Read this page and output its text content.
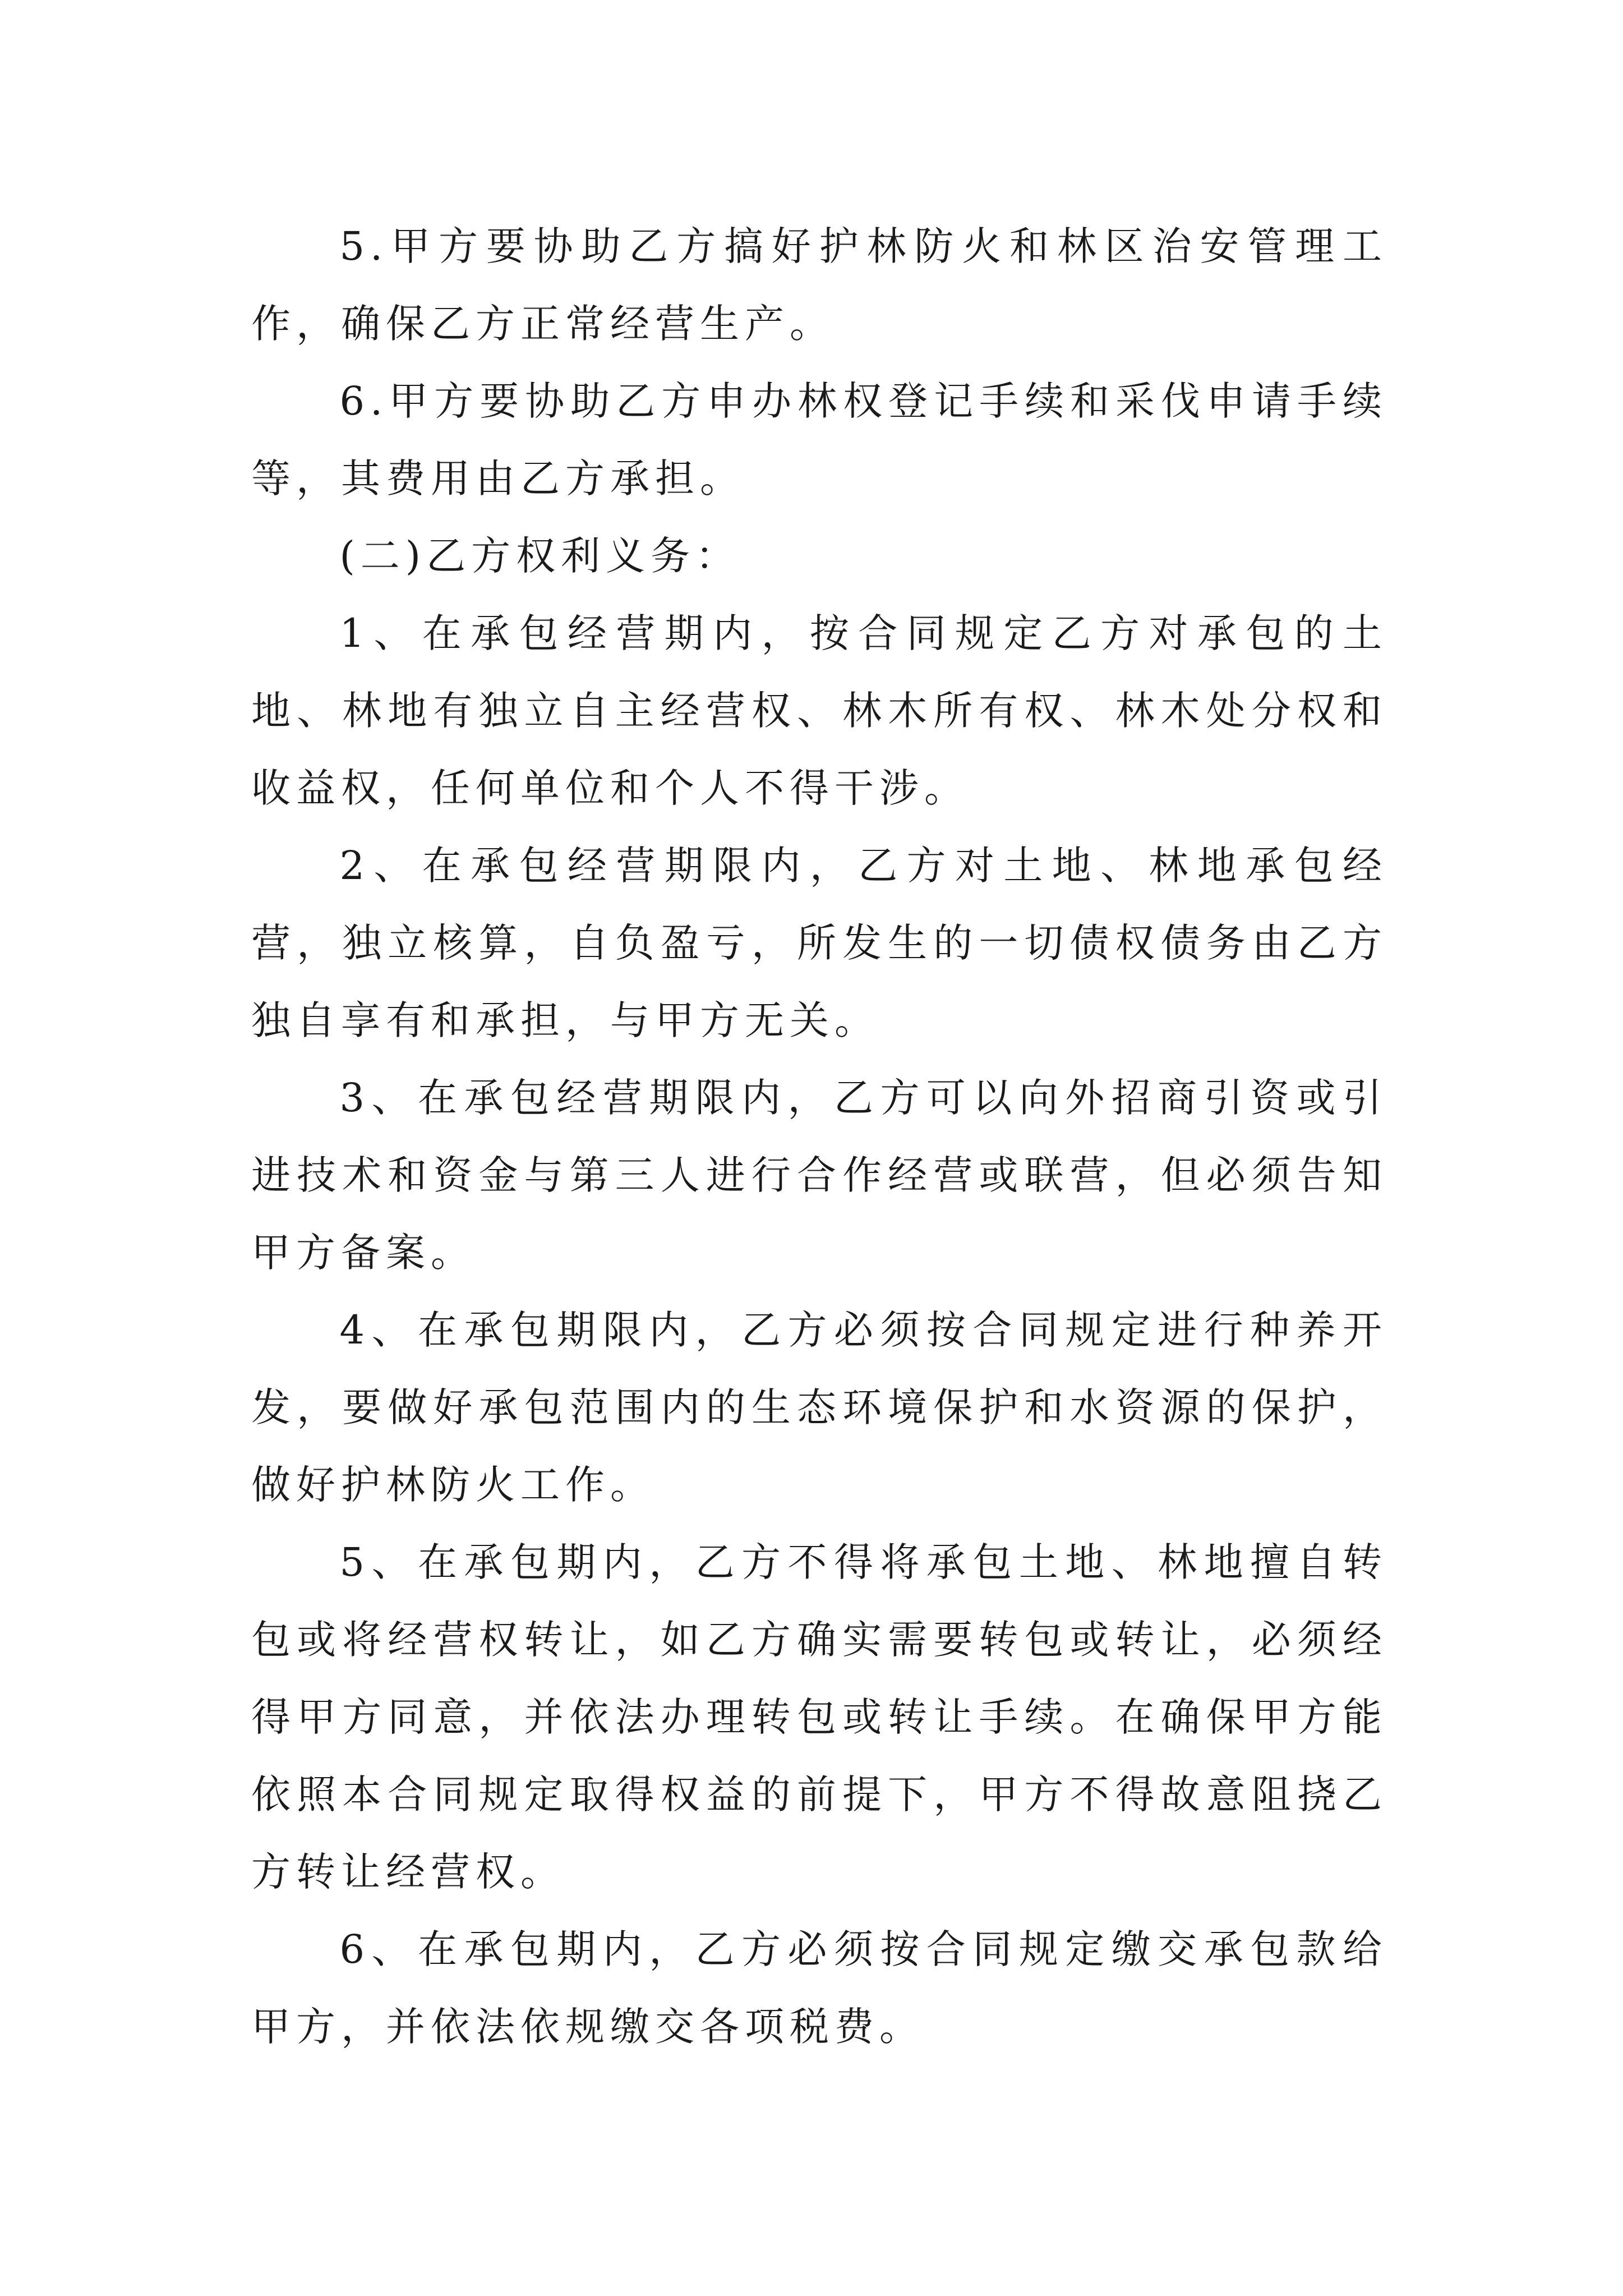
5.甲方要协助乙方搞好护林防火和林区治安管理工作，确保乙方正常经营生产。

6.甲方要协助乙方申办林权登记手续和采伐申请手续等，其费用由乙方承担。

(二)乙方权利义务：

1、在承包经营期内，按合同规定乙方对承包的土地、林地有独立自主经营权、林木所有权、林木处分权和收益权，任何单位和个人不得干涉。

2、在承包经营期限内，乙方对土地、林地承包经营，独立核算，自负盈亏，所发生的一切债权债务由乙方独自享有和承担，与甲方无关。

3、在承包经营期限内，乙方可以向外招商引资或引进技术和资金与第三人进行合作经营或联营，但必须告知甲方备案。

4、在承包期限内，乙方必须按合同规定进行种养开发，要做好承包范围内的生态环境保护和水资源的保护，做好护林防火工作。

5、在承包期内，乙方不得将承包土地、林地擅自转包或将经营权转让，如乙方确实需要转包或转让，必须经得甲方同意，并依法办理转包或转让手续。在确保甲方能依照本合同规定取得权益的前提下，甲方不得故意阻挠乙方转让经营权。

6、在承包期内，乙方必须按合同规定缴交承包款给甲方，并依法依规缴交各项税费。
